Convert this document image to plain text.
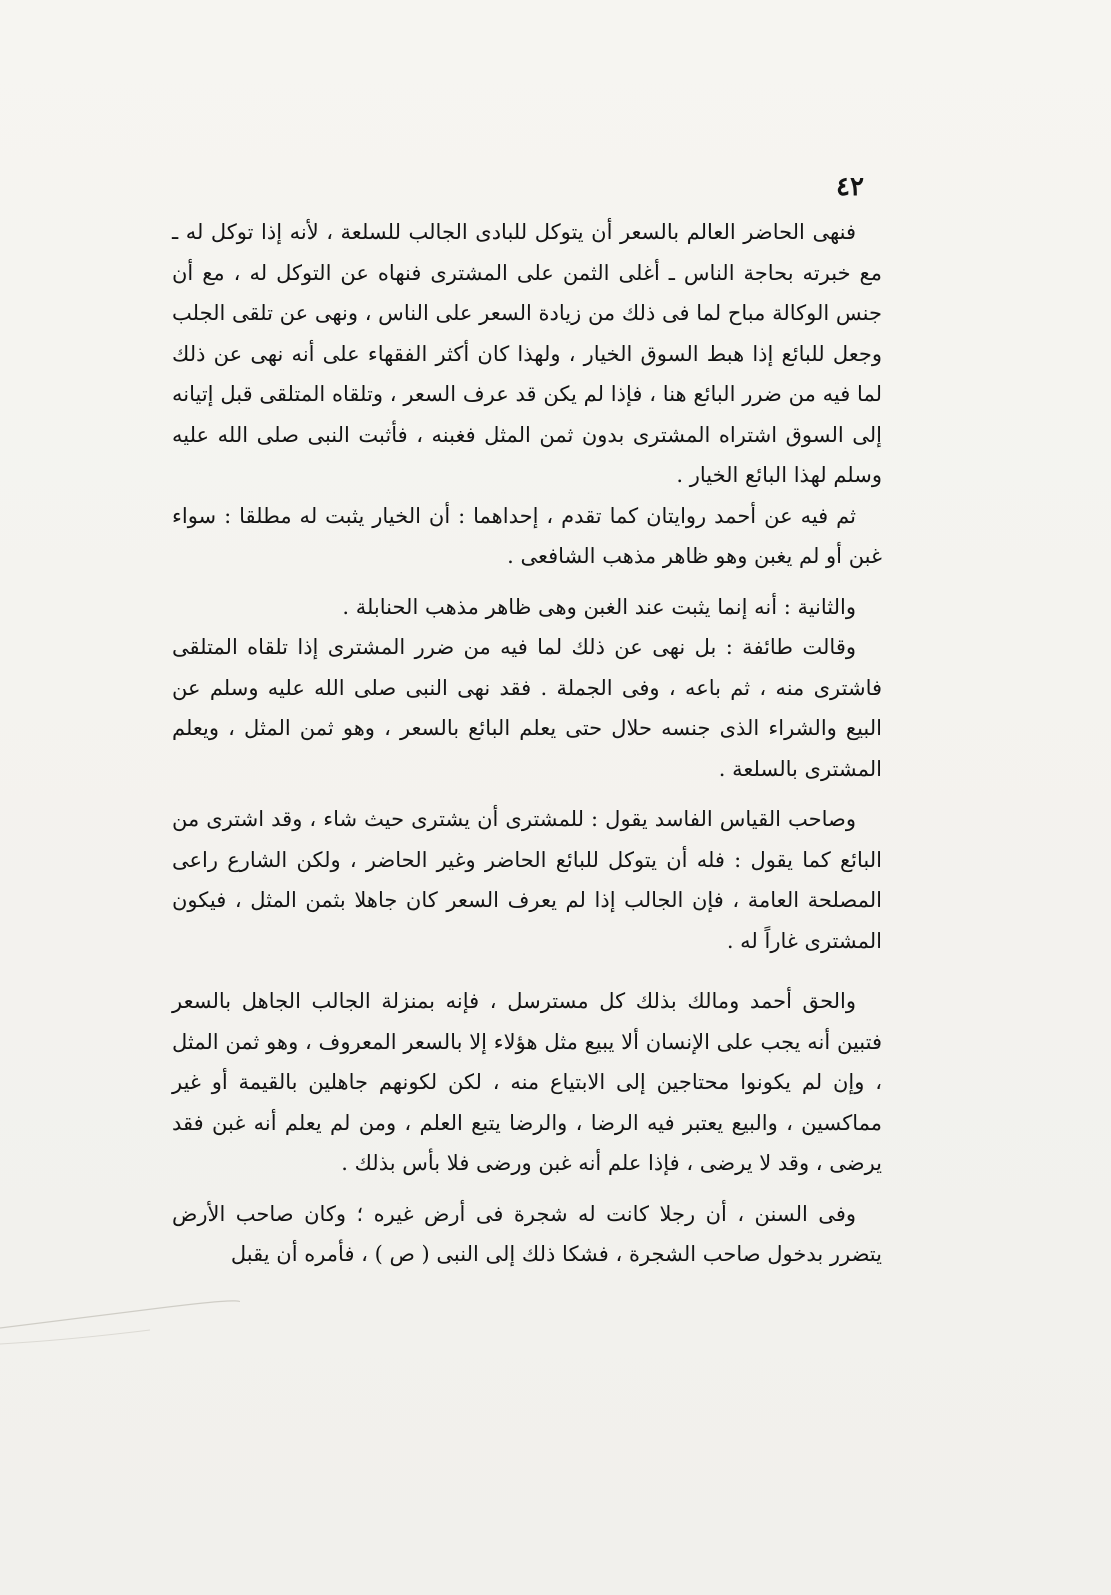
٤٢

فنهى الحاضر العالم بالسعر أن يتوكل للبادى الجالب للسلعة ، لأنه إذا توكل له ـ مع خبرته بحاجة الناس ـ أغلى الثمن على المشترى فنهاه عن التوكل له ، مع أن جنس الوكالة مباح لما فى ذلك من زيادة السعر على الناس ، ونهى عن تلقى الجلب وجعل للبائع إذا هبط السوق الخيار ، ولهذا كان أكثر الفقهاء على أنه نهى عن ذلك لما فيه من ضرر البائع هنا ، فإذا لم يكن قد عرف السعر ، وتلقاه المتلقى قبل إتيانه إلى السوق اشتراه المشترى بدون ثمن المثل فغبنه ، فأثبت النبى صلى الله عليه وسلم لهذا البائع الخيار .

ثم فيه عن أحمد روايتان كما تقدم ، إحداهما : أن الخيار يثبت له مطلقا : سواء غبن أو لم يغبن وهو ظاهر مذهب الشافعى .

والثانية : أنه إنما يثبت عند الغبن وهى ظاهر مذهب الحنابلة .

وقالت طائفة : بل نهى عن ذلك لما فيه من ضرر المشترى إذا تلقاه المتلقى فاشترى منه ، ثم باعه ، وفى الجملة . فقد نهى النبى صلى الله عليه وسلم عن البيع والشراء الذى جنسه حلال حتى يعلم البائع بالسعر ، وهو ثمن المثل ، ويعلم المشترى بالسلعة .

وصاحب القياس الفاسد يقول : للمشترى أن يشترى حيث شاء ، وقد اشترى من البائع كما يقول : فله أن يتوكل للبائع الحاضر وغير الحاضر ، ولكن الشارع راعى المصلحة العامة ، فإن الجالب إذا لم يعرف السعر كان جاهلا بثمن المثل ، فيكون المشترى غاراً له .

والحق أحمد ومالك بذلك كل مسترسل ، فإنه بمنزلة الجالب الجاهل بالسعر فتبين أنه يجب على الإنسان ألا يبيع مثل هؤلاء إلا بالسعر المعروف ، وهو ثمن المثل ، وإن لم يكونوا محتاجين إلى الابتياع منه ، لكن لكونهم جاهلين بالقيمة أو غير مماكسين ، والبيع يعتبر فيه الرضا ، والرضا يتبع العلم ، ومن لم يعلم أنه غبن فقد يرضى ، وقد لا يرضى ، فإذا علم أنه غبن ورضى فلا بأس بذلك .

وفى السنن ، أن رجلا كانت له شجرة فى أرض غيره ؛ وكان صاحب الأرض يتضرر بدخول صاحب الشجرة ، فشكا ذلك إلى النبى ( ص ) ، فأمره أن يقبل
